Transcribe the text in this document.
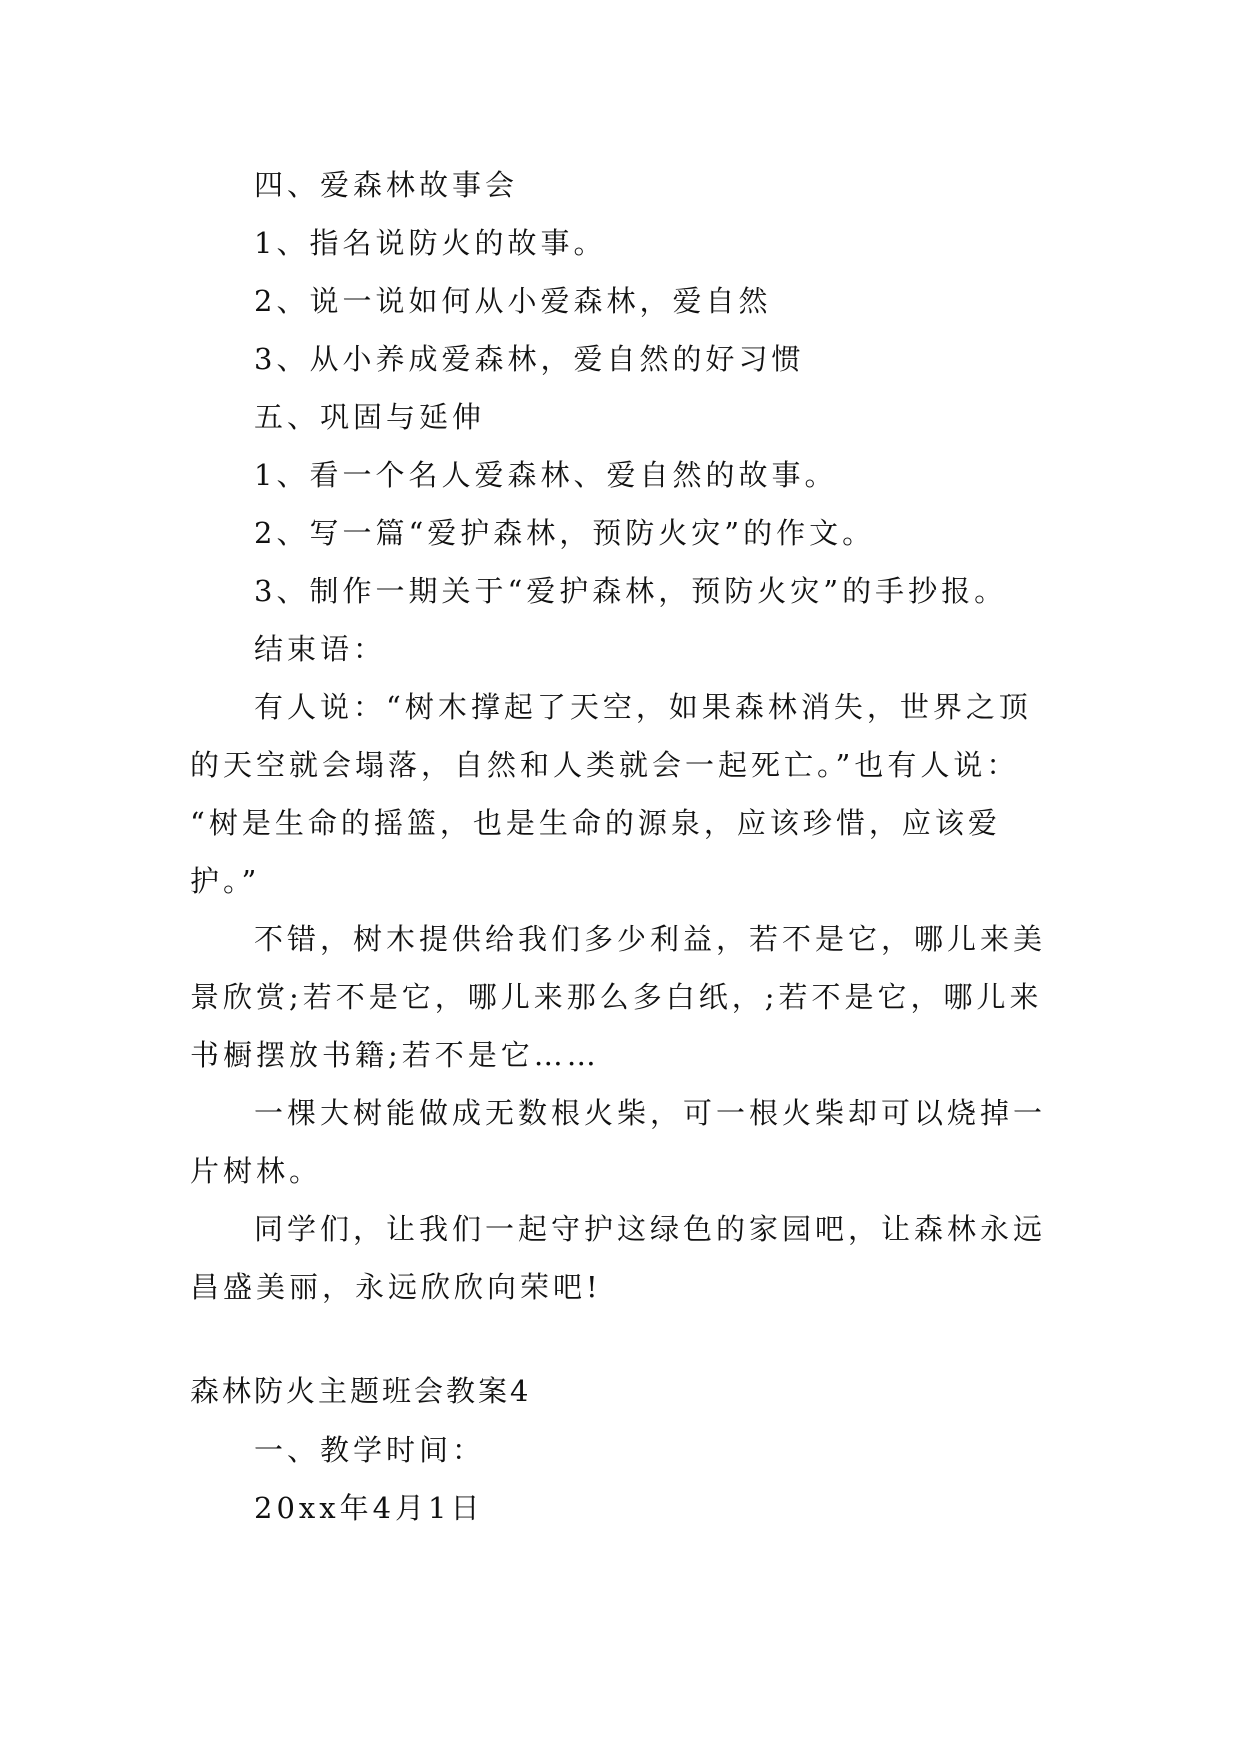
四、爱森林故事会
1、指名说防火的故事。
2、说一说如何从小爱森林，爱自然
3、从小养成爱森林，爱自然的好习惯
五、巩固与延伸
1、看一个名人爱森林、爱自然的故事。
2、写一篇“爱护森林，预防火灾”的作文。
3、制作一期关于“爱护森林，预防火灾”的手抄报。
结束语：
有人说：“树木撑起了天空，如果森林消失，世界之顶
的天空就会塌落，自然和人类就会一起死亡。”也有人说：
“树是生命的摇篮，也是生命的源泉，应该珍惜，应该爱
护。”
不错，树木提供给我们多少利益，若不是它，哪儿来美
景欣赏;若不是它，哪儿来那么多白纸，;若不是它，哪儿来
书橱摆放书籍;若不是它……
一棵大树能做成无数根火柴，可一根火柴却可以烧掉一
片树林。
同学们，让我们一起守护这绿色的家园吧，让森林永远
昌盛美丽，永远欣欣向荣吧!
森林防火主题班会教案4
一、教学时间：
20xx年4月1日
